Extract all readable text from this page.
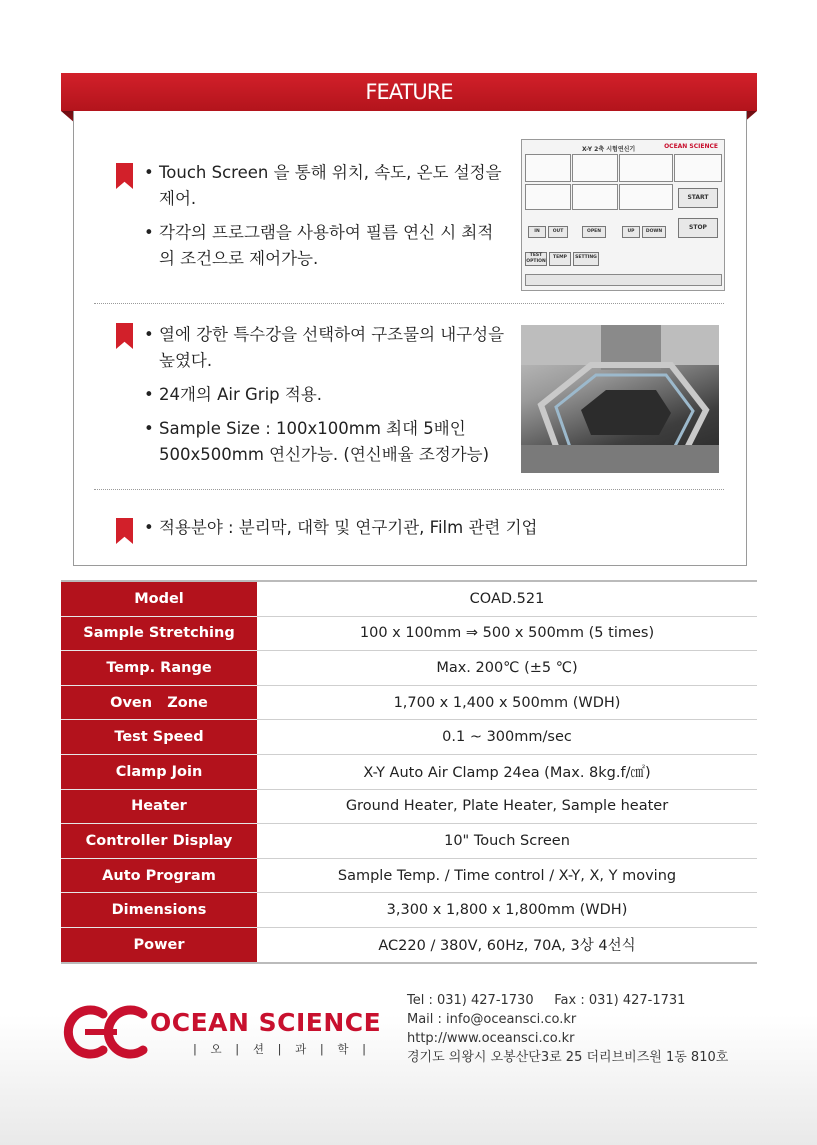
FEATURE
• Touch Screen 을 통해 위치, 속도, 온도 설정을 제어.
• 각각의 프로그램을 사용하여 필름 연신 시 최적의 조건으로 제어가능.
X-Y 2축 시험연신기	OCEAN SCIENCE
START
STOP
IN	OUT	OPEN	UP	DOWN
TEST OPTION
TEMP	SETTING
• 열에 강한 특수강을 선택하여 구조물의 내구성을 높였다.
• 24개의 Air Grip 적용.
• Sample Size : 100x100mm 최대 5배인 500x500mm 연신가능. (연신배율 조정가능)
• 적용분야 : 분리막, 대학 및 연구기관, Film 관련 기업
Model	COAD.521
Sample Stretching	100 x 100mm ⇒ 500 x 500mm (5 times)
Temp. Range	Max. 200℃ (±5 ℃)
Oven   Zone	1,700 x 1,400 x 500mm (WDH)
Test Speed	0.1 ~ 300mm/sec
Clamp Join	X-Y Auto Air Clamp 24ea (Max. 8kg.f/㎠)
Heater	Ground Heater, Plate Heater, Sample heater
Controller Display	10" Touch Screen
Auto Program	Sample Temp. / Time control / X-Y, X, Y moving
Dimensions	3,300 x 1,800 x 1,800mm (WDH)
Power	AC220 / 380V, 60Hz, 70A, 3상 4선식
OCEAN SCIENCE
| 오 | 션 | 과 | 학 |
Tel : 031) 427-1730     Fax : 031) 427-1731
Mail : info@oceansci.co.kr
http://www.oceansci.co.kr
경기도 의왕시 오봉산단3로 25 더리브비즈원 1동 810호
